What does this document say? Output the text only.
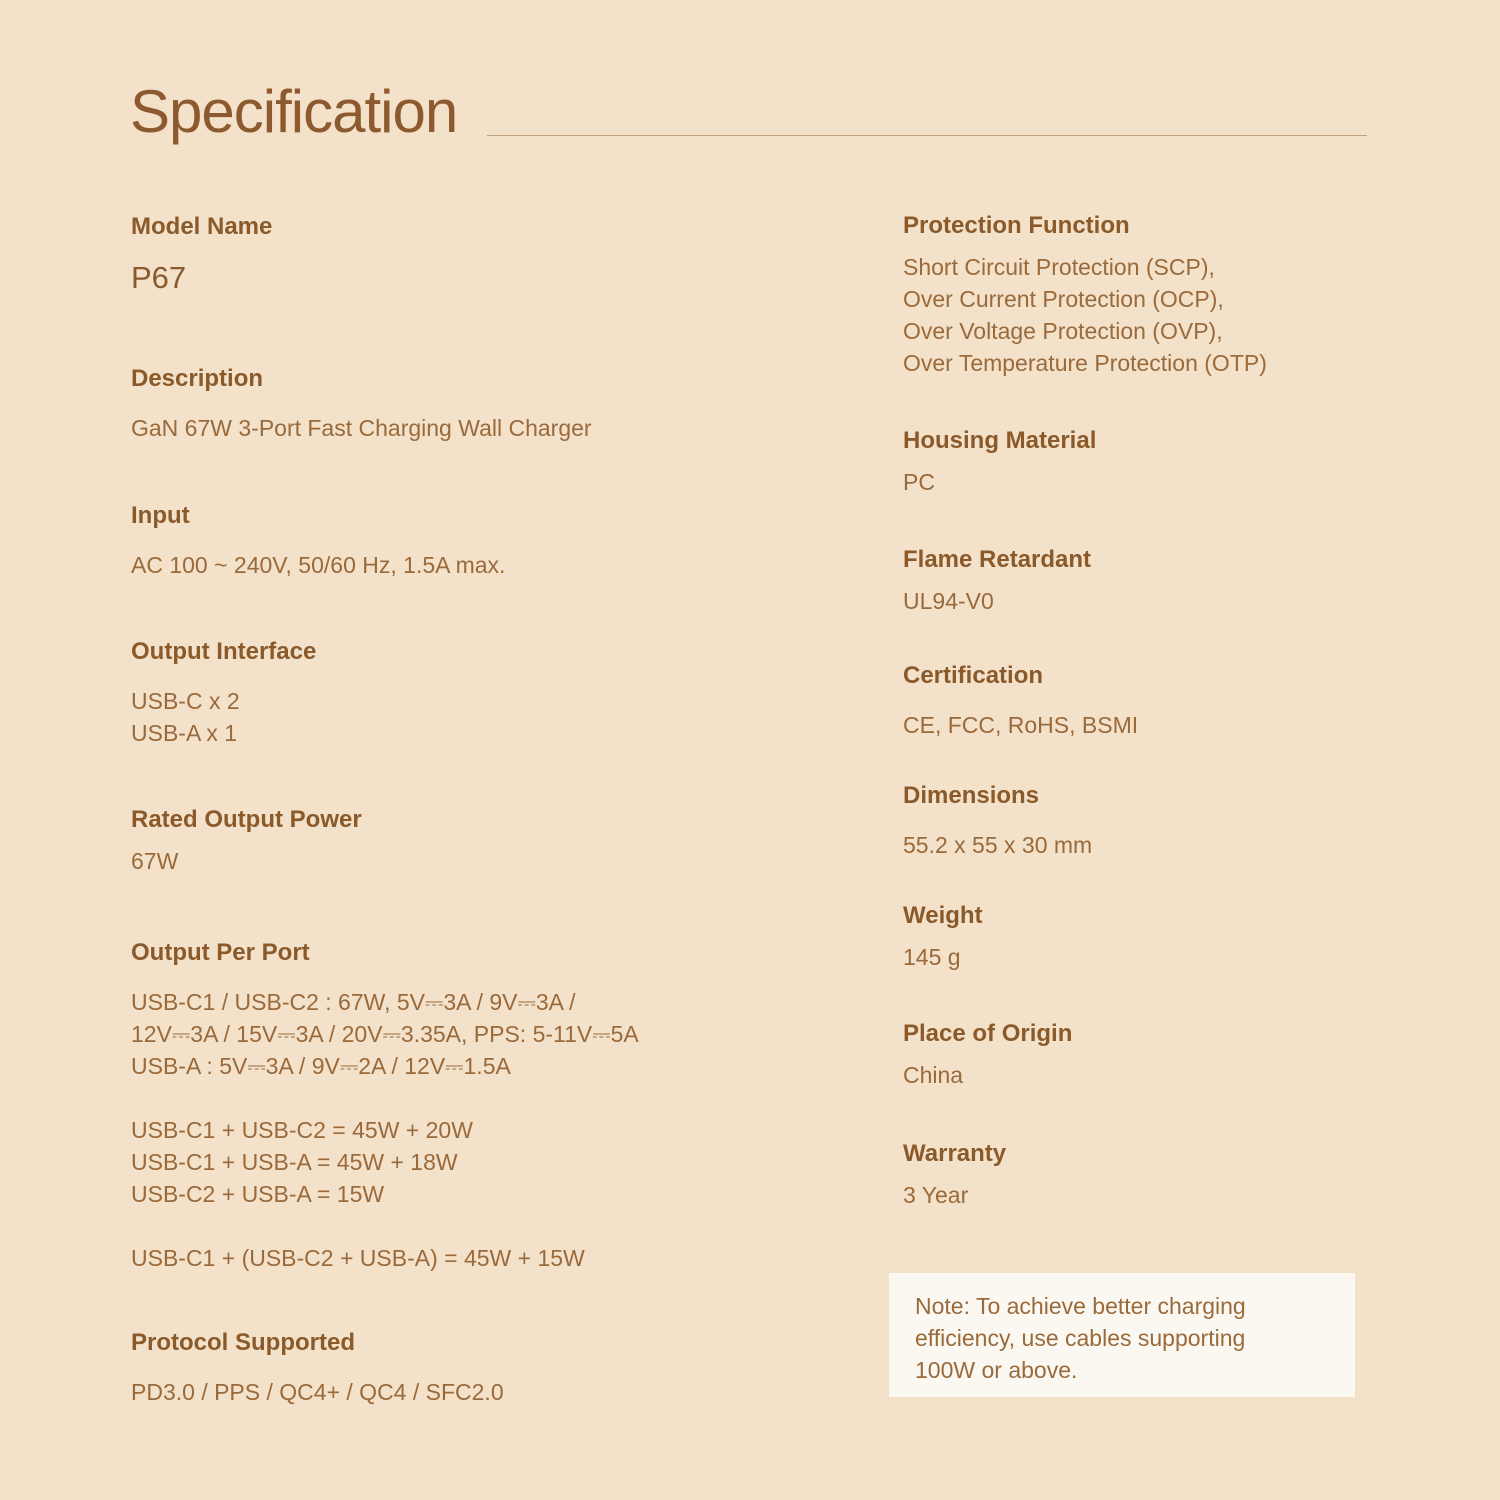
Specification
Model Name

P67

Description

GaN 67W 3-Port Fast Charging Wall Charger

Input

AC 100 ~ 240V, 50/60 Hz, 1.5A max.

Output Interface

USB-C x 2

USB-A x 1

Rated Output Power

67W

Output Per Port

USB-C1 / USB-C2 : 67W, 5V⎓3A / 9V⎓3A /

12V⎓3A / 15V⎓3A / 20V⎓3.35A, PPS: 5-11V⎓5A

USB-A : 5V⎓3A / 9V⎓2A / 12V⎓1.5A

USB-C1 + USB-C2 = 45W + 20W

USB-C1 + USB-A = 45W + 18W

USB-C2 + USB-A = 15W

USB-C1 + (USB-C2 + USB-A) = 45W + 15W

Protocol Supported

PD3.0 / PPS / QC4+ / QC4 / SFC2.0

Protection Function

Short Circuit Protection (SCP),

Over Current Protection (OCP),

Over Voltage Protection (OVP),

Over Temperature Protection (OTP)

Housing Material

PC

Flame Retardant

UL94-V0

Certification

CE, FCC, RoHS, BSMI

Dimensions

55.2 x 55 x 30 mm

Weight

145 g

Place of Origin

China

Warranty

3 Year

Note: To achieve better charging

efficiency, use cables supporting

100W or above.
